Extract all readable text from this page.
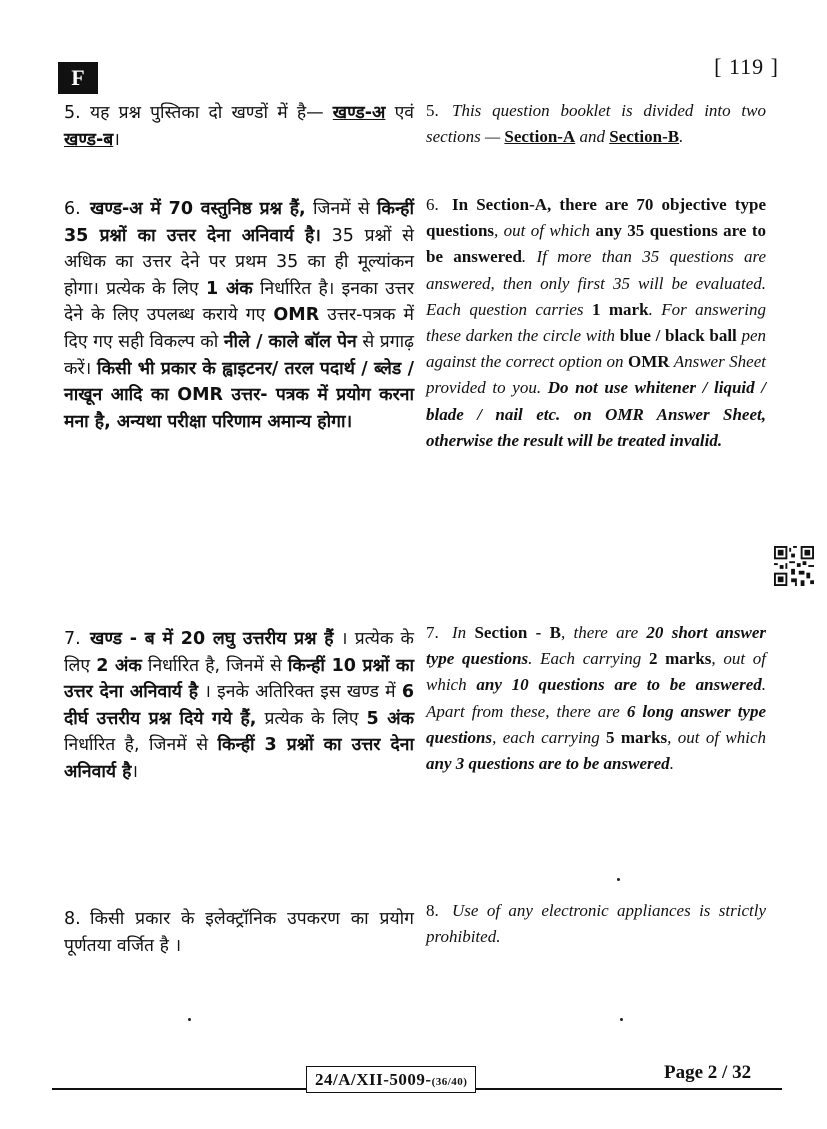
F	[ 119 ]
5. यह प्रश्न पुस्तिका दो खण्डों में है— खण्ड-अ एवं खण्ड-ब।
6. खण्ड-अ में 70 वस्तुनिष्ठ प्रश्न हैं, जिनमें से किन्हीं 35 प्रश्नों का उत्तर देना अनिवार्य है। 35 प्रश्नों से अधिक का उत्तर देने पर प्रथम 35 का ही मूल्यांकन होगा। प्रत्येक के लिए 1 अंक निर्धारित है। इनका उत्तर देने के लिए उपलब्ध कराये गए OMR उत्तर-पत्रक में दिए गए सही विकल्प को नीले / काले बॉल पेन से प्रगाढ़ करें। किसी भी प्रकार के ह्वाइटनर/ तरल पदार्थ / ब्लेड / नाखून आदि का OMR उत्तर- पत्रक में प्रयोग करना मना है, अन्यथा परीक्षा परिणाम अमान्य होगा।
7. खण्ड - ब में 20 लघु उत्तरीय प्रश्न हैं । प्रत्येक के लिए 2 अंक निर्धारित है, जिनमें से किन्हीं 10 प्रश्नों का उत्तर देना अनिवार्य है । इनके अतिरिक्त इस खण्ड में 6 दीर्घ उत्तरीय प्रश्न दिये गये हैं, प्रत्येक के लिए 5 अंक निर्धारित है, जिनमें से किन्हीं 3 प्रश्नों का उत्तर देना अनिवार्य है।
8. किसी प्रकार के इलेक्ट्रॉनिक उपकरण का प्रयोग पूर्णतया वर्जित है ।
5. This question booklet is divided into two sections — Section-A and Section-B.
6. In Section-A, there are 70 objective type questions, out of which any 35 questions are to be answered. If more than 35 questions are answered, then only first 35 will be evaluated. Each question carries 1 mark. For answering these darken the circle with blue / black ball pen against the correct option on OMR Answer Sheet provided to you. Do not use whitener / liquid / blade / nail etc. on OMR Answer Sheet, otherwise the result will be treated invalid.
7. In Section - B, there are 20 short answer type questions. Each carrying 2 marks, out of which any 10 questions are to be answered. Apart from these, there are 6 long answer type questions, each carrying 5 marks, out of which any 3 questions are to be answered.
8. Use of any electronic appliances is strictly prohibited.
24/A/XII-5009-(36/40)	Page 2 / 32
